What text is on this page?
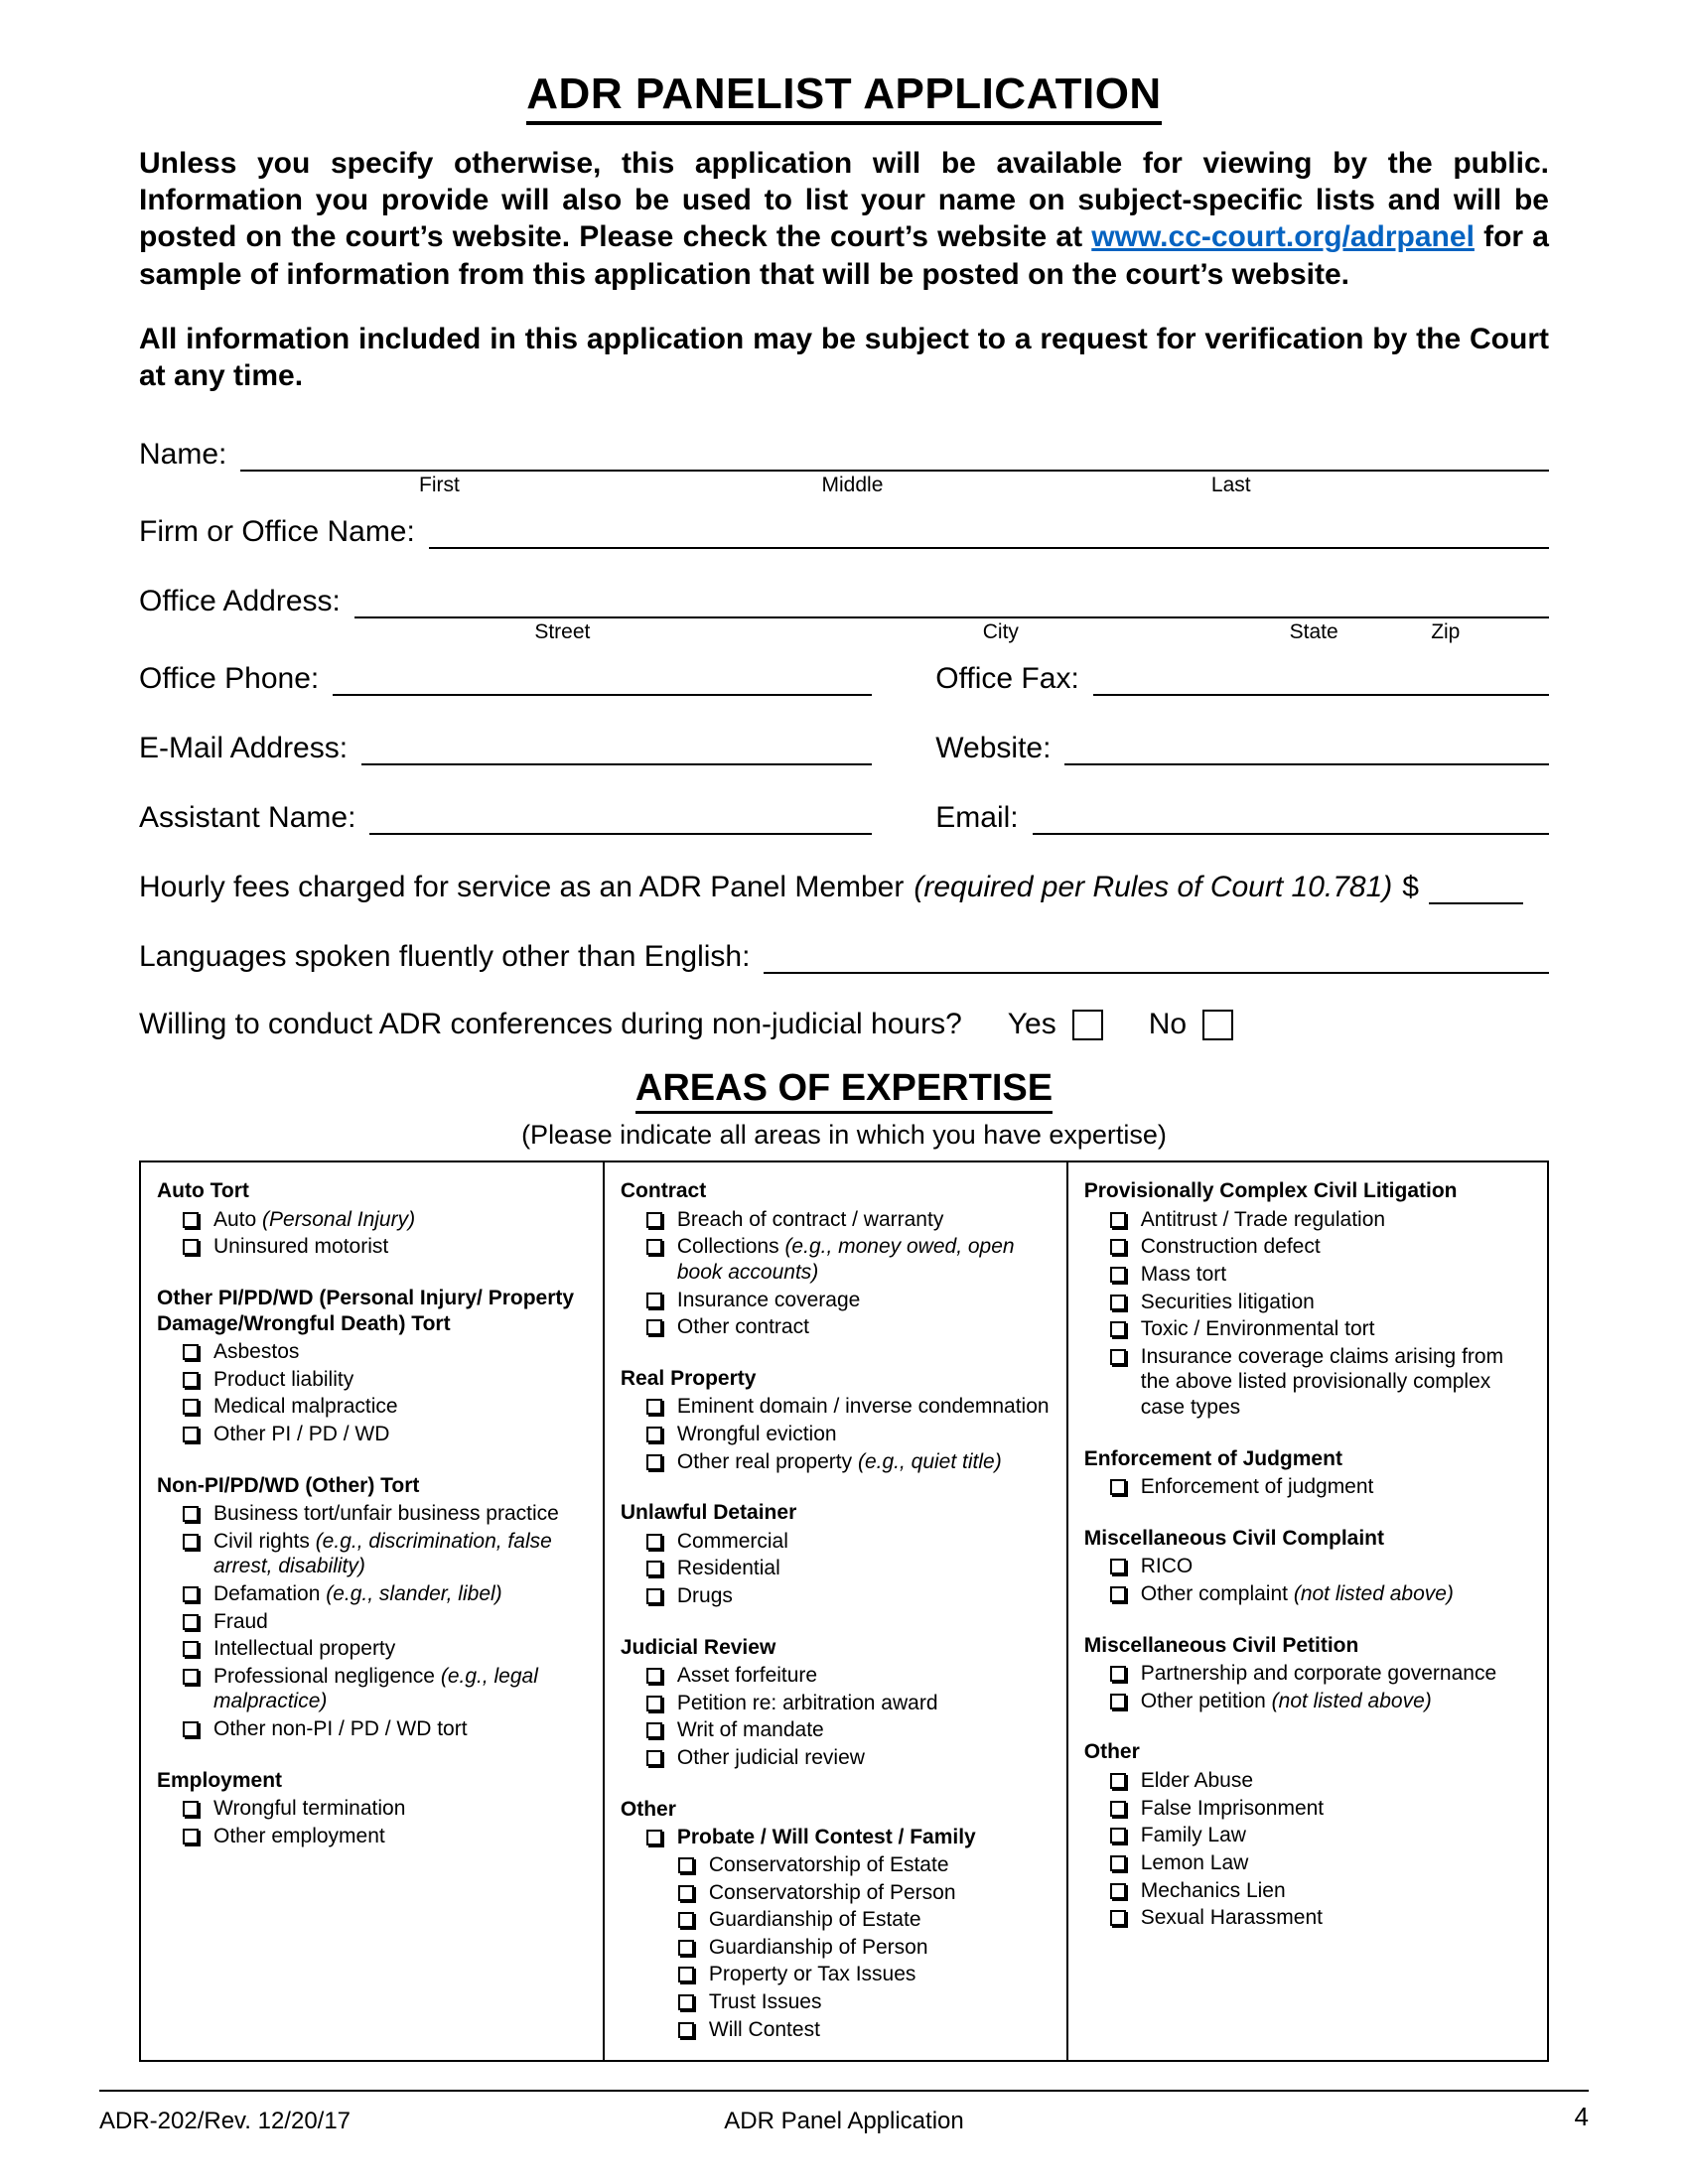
ADR PANELIST APPLICATION

Unless you specify otherwise, this application will be available for viewing by the public. Information you provide will also be used to list your name on subject-specific lists and will be posted on the court’s website. Please check the court’s website at www.cc-court.org/adrpanel for a sample of information from this application that will be posted on the court’s website.

All information included in this application may be subject to a request for verification by the Court at any time.

Name:
First	Middle	Last
Firm or Office Name:
Office Address:
Street	City	State	Zip
Office Phone:	Office Fax:
E-Mail Address:	Website:
Assistant Name:	Email:
Hourly fees charged for service as an ADR Panel Member (required per Rules of Court 10.781) $
Languages spoken fluently other than English:
Willing to conduct ADR conferences during non-judicial hours? Yes	No
AREAS OF EXPERTISE
(Please indicate all areas in which you have expertise)
Auto Tort
Auto (Personal Injury)
Uninsured motorist
Other PI/PD/WD (Personal Injury/ Property Damage/Wrongful Death) Tort
Asbestos
Product liability
Medical malpractice
Other PI / PD / WD
Non-PI/PD/WD (Other) Tort
Business tort/unfair business practice
Civil rights (e.g., discrimination, false arrest, disability)
Defamation (e.g., slander, libel)
Fraud
Intellectual property
Professional negligence (e.g., legal malpractice)
Other non-PI / PD / WD tort
Employment
Wrongful termination
Other employment
Contract
Breach of contract / warranty
Collections (e.g., money owed, open book accounts)
Insurance coverage
Other contract
Real Property
Eminent domain / inverse condemnation
Wrongful eviction
Other real property (e.g., quiet title)
Unlawful Detainer
Commercial
Residential
Drugs
Judicial Review
Asset forfeiture
Petition re: arbitration award
Writ of mandate
Other judicial review
Other
Probate / Will Contest / Family
Conservatorship of Estate
Conservatorship of Person
Guardianship of Estate
Guardianship of Person
Property or Tax Issues
Trust Issues
Will Contest
Provisionally Complex Civil Litigation
Antitrust / Trade regulation
Construction defect
Mass tort
Securities litigation
Toxic / Environmental tort
Insurance coverage claims arising from the above listed provisionally complex case types
Enforcement of Judgment
Enforcement of judgment
Miscellaneous Civil Complaint
RICO
Other complaint (not listed above)
Miscellaneous Civil Petition
Partnership and corporate governance
Other petition (not listed above)
Other
Elder Abuse
False Imprisonment
Family Law
Lemon Law
Mechanics Lien
Sexual Harassment
ADR-202/Rev. 12/20/17	ADR Panel Application	4
